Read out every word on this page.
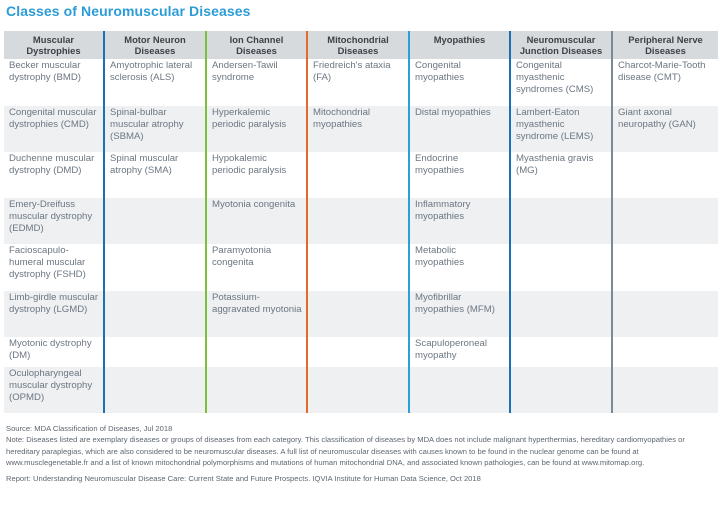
Classes of Neuromuscular Diseases
Muscular Dystrophies	Motor Neuron Diseases	Ion Channel Diseases	Mitochondrial Diseases	Myopathies	Neuromuscular Junction Diseases	Peripheral Nerve Diseases
Becker muscular dystrophy (BMD)	Amyotrophic lateral sclerosis (ALS)	Andersen-Tawil syndrome	Friedreich's ataxia (FA)	Congenital myopathies	Congenital myasthenic syndromes (CMS)	Charcot-Marie-Tooth disease (CMT)
Congenital muscular dystrophies (CMD)	Spinal-bulbar muscular atrophy (SBMA)	Hyperkalemic periodic paralysis	Mitochondrial myopathies	Distal myopathies	Lambert-Eaton myasthenic syndrome (LEMS)	Giant axonal neuropathy (GAN)
Duchenne muscular dystrophy (DMD)	Spinal muscular atrophy (SMA)	Hypokalemic periodic paralysis		Endocrine myopathies	Myasthenia gravis (MG)	
Emery-Dreifuss muscular dystrophy (EDMD)		Myotonia congenita		Inflammatory myopathies		
Facioscapulo-humeral muscular dystrophy (FSHD)		Paramyotonia congenita		Metabolic myopathies		
Limb-girdle muscular dystrophy (LGMD)		Potassium-aggravated myotonia		Myofibrillar myopathies (MFM)		
Myotonic dystrophy (DM)				Scapuloperoneal myopathy		
Oculopharyngeal muscular dystrophy (OPMD)						

Source: MDA Classification of Diseases, Jul 2018

Note: Diseases listed are exemplary diseases or groups of diseases from each category. This classification of diseases by MDA does not include malignant hyperthermias, hereditary cardiomyopathies or hereditary paraplegias, which are also considered to be neuromuscular diseases. A full list of neuromuscular diseases with causes known to be found in the nuclear genome can be found at www.musclegenetable.fr and a list of known mitochondrial polymorphisms and mutations of human mitochondrial DNA, and associated known pathologies, can be found at www.mitomap.org.

Report: Understanding Neuromuscular Disease Care: Current State and Future Prospects. IQVIA Institute for Human Data Science, Oct 2018
